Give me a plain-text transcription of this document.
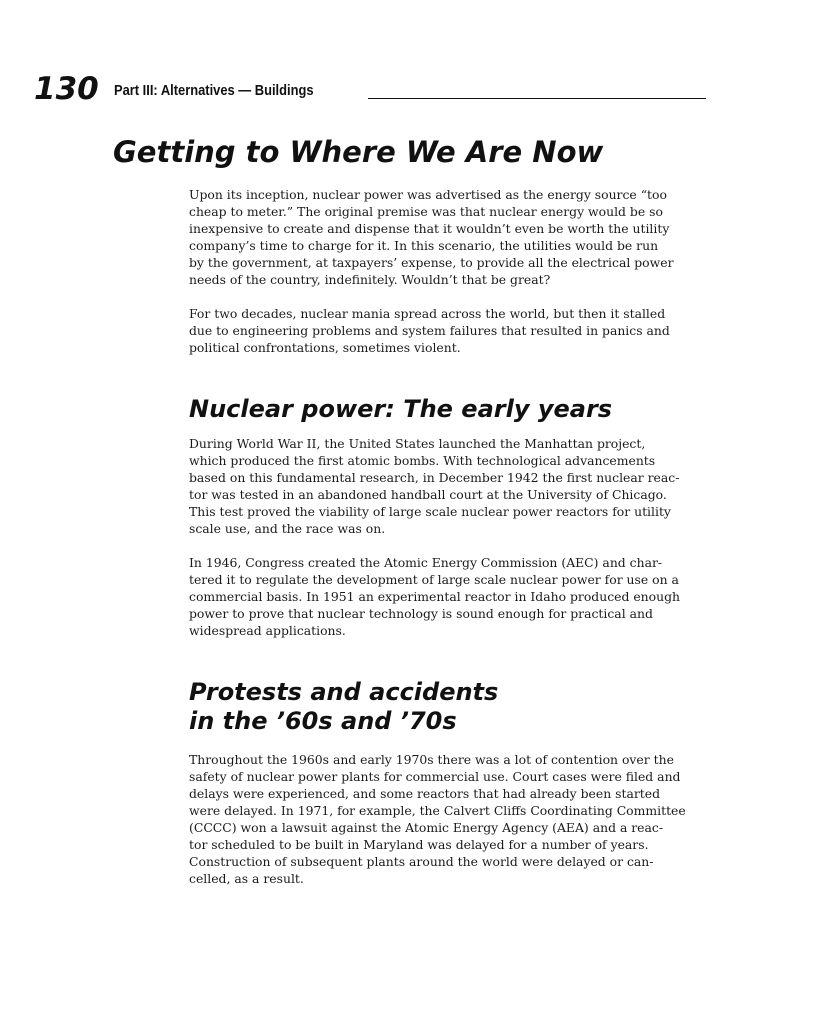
130 Part III: Alternatives — Buildings
Getting to Where We Are Now

Upon its inception, nuclear power was advertised as the energy source “too
cheap to meter.” The original premise was that nuclear energy would be so
inexpensive to create and dispense that it wouldn’t even be worth the utility
company’s time to charge for it. In this scenario, the utilities would be run
by the government, at taxpayers’ expense, to provide all the electrical power
needs of the country, indefinitely. Wouldn’t that be great?

For two decades, nuclear mania spread across the world, but then it stalled
due to engineering problems and system failures that resulted in panics and
political confrontations, sometimes violent.

Nuclear power: The early years

During World War II, the United States launched the Manhattan project,
which produced the first atomic bombs. With technological advancements
based on this fundamental research, in December 1942 the first nuclear reac-
tor was tested in an abandoned handball court at the University of Chicago.
This test proved the viability of large scale nuclear power reactors for utility
scale use, and the race was on.

In 1946, Congress created the Atomic Energy Commission (AEC) and char-
tered it to regulate the development of large scale nuclear power for use on a
commercial basis. In 1951 an experimental reactor in Idaho produced enough
power to prove that nuclear technology is sound enough for practical and
widespread applications.

Protests and accidents
in the ’60s and ’70s

Throughout the 1960s and early 1970s there was a lot of contention over the
safety of nuclear power plants for commercial use. Court cases were filed and
delays were experienced, and some reactors that had already been started
were delayed. In 1971, for example, the Calvert Cliffs Coordinating Committee
(CCCC) won a lawsuit against the Atomic Energy Agency (AEA) and a reac-
tor scheduled to be built in Maryland was delayed for a number of years.
Construction of subsequent plants around the world were delayed or can-
celled, as a result.
